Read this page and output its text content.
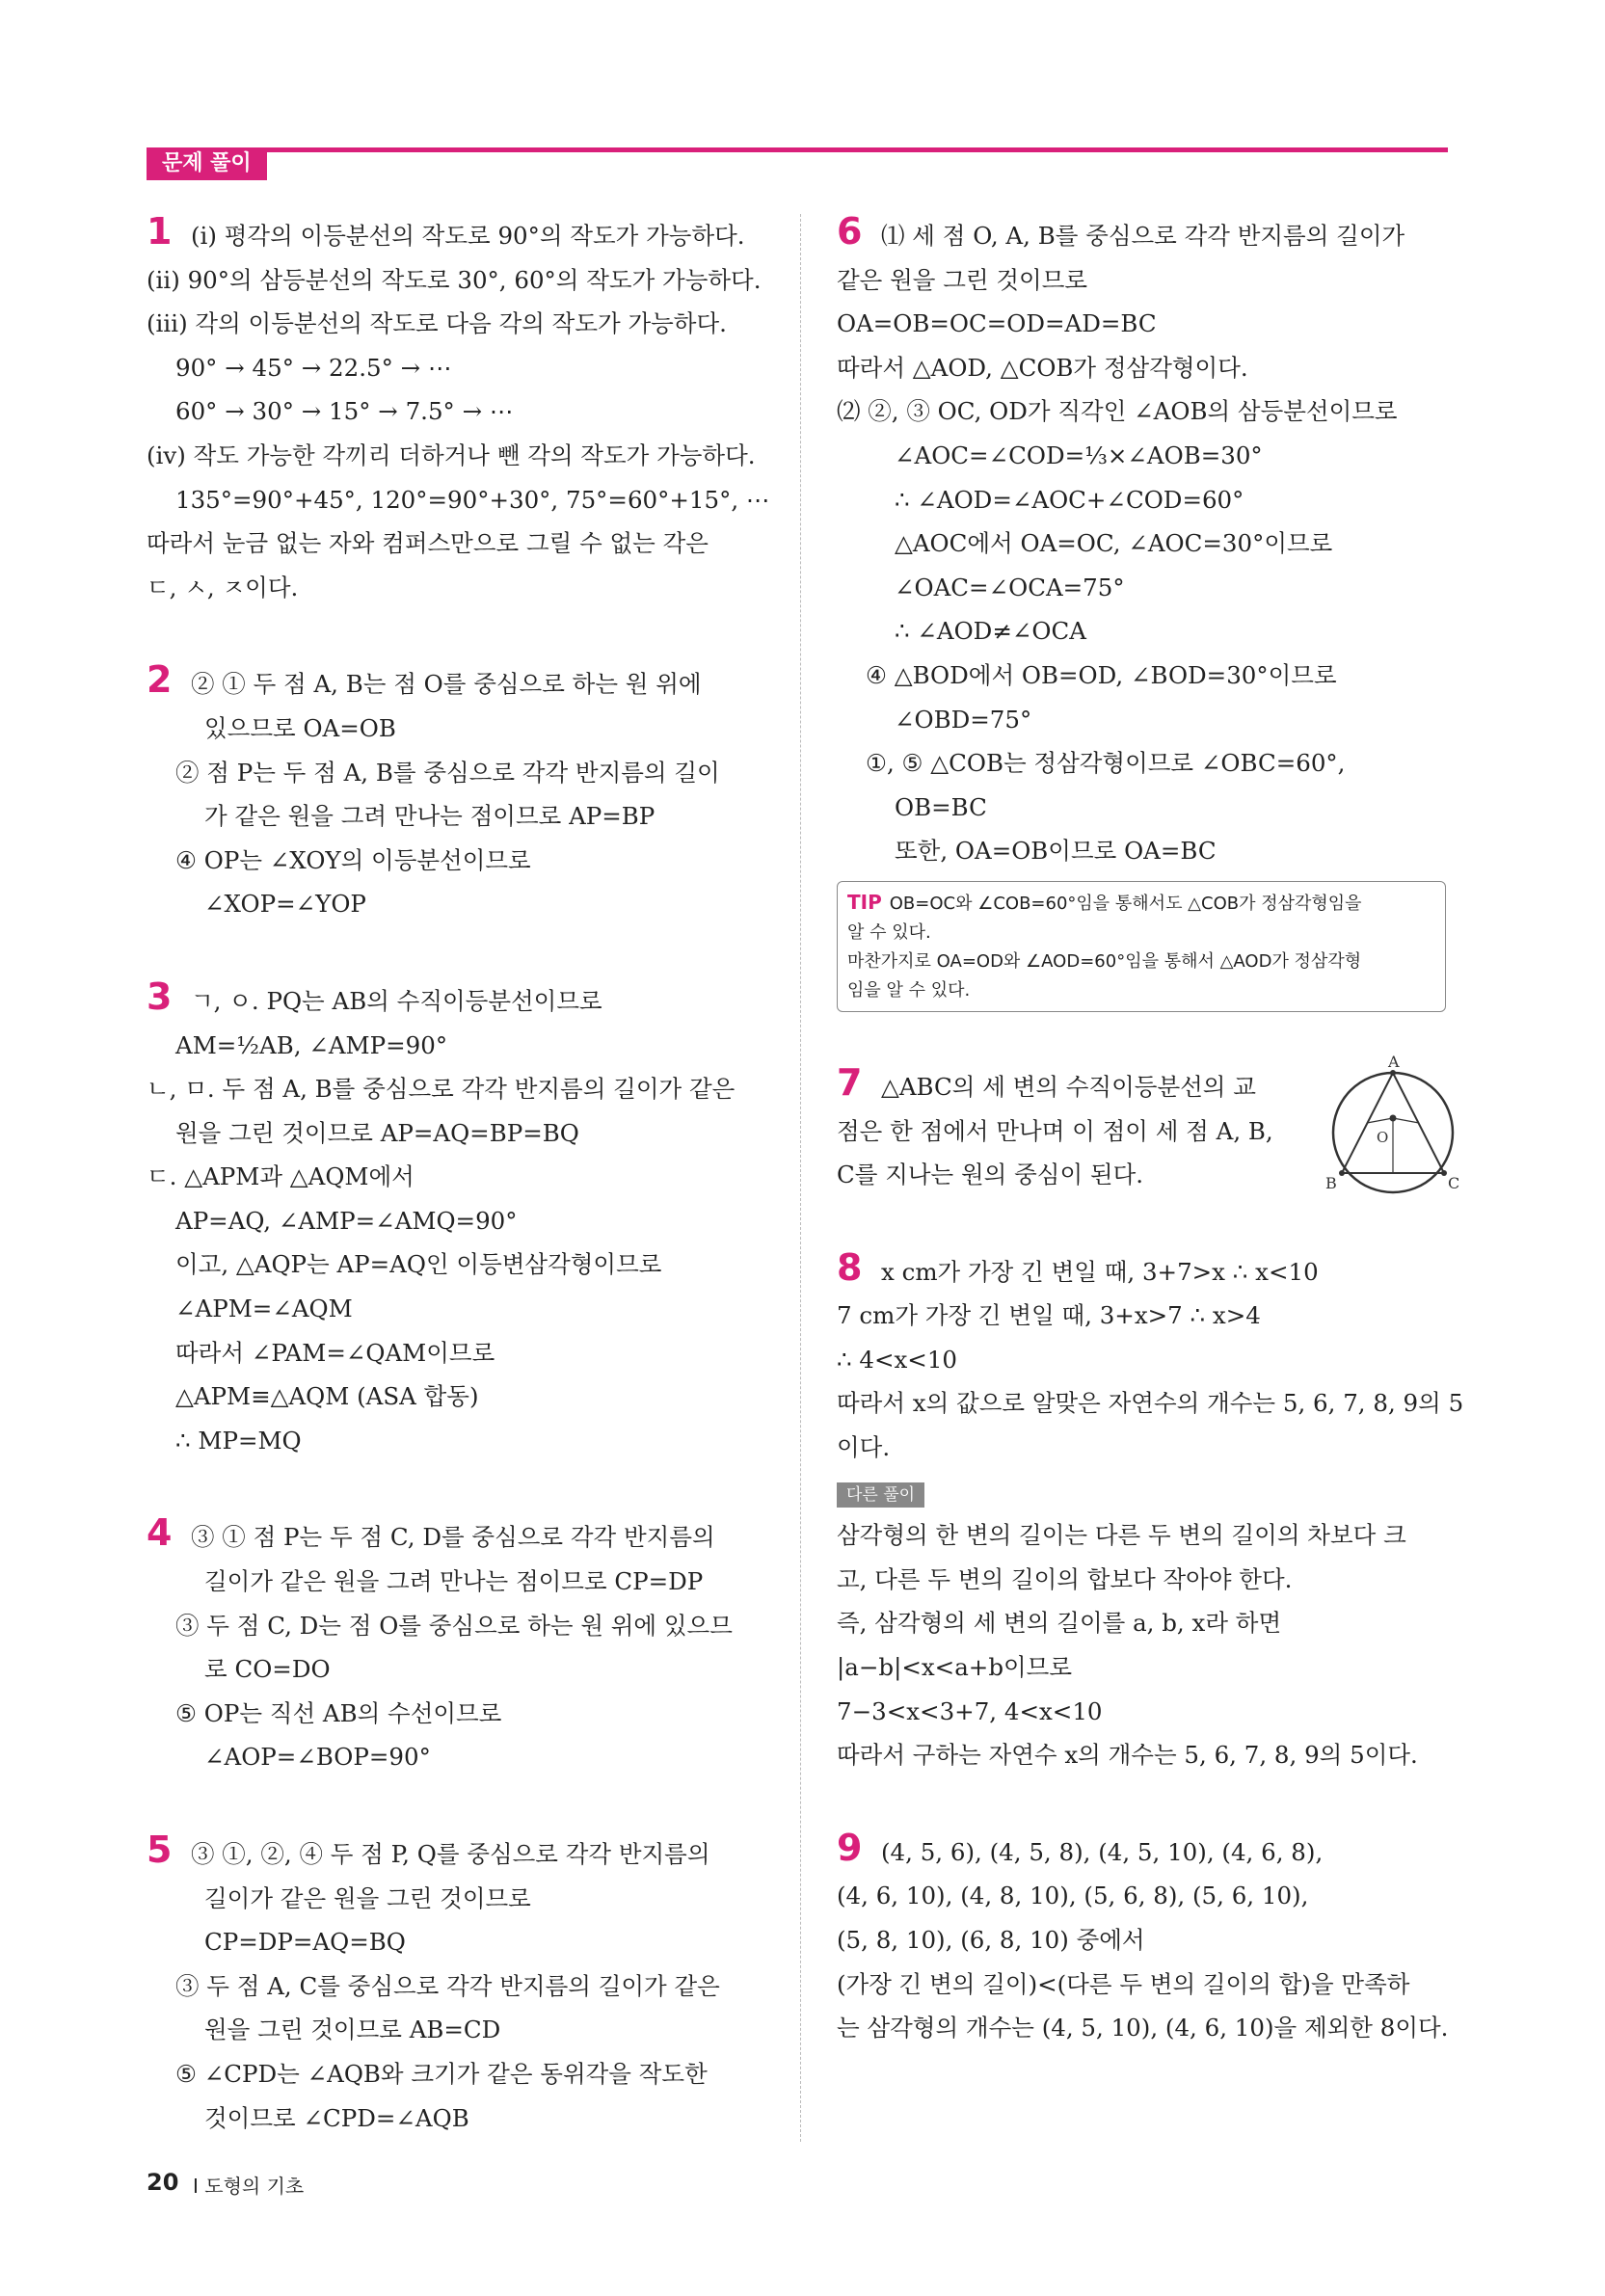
문제 풀이
1 (ⅰ) 평각의 이등분선의 작도로 90°의 작도가 가능하다.
(ⅱ) 90°의 삼등분선의 작도로 30°, 60°의 작도가 가능하다.
(ⅲ) 각의 이등분선의 작도로 다음 각의 작도가 가능하다.
90° → 45° → 22.5° → ⋯
60° → 30° → 15° → 7.5° → ⋯
(ⅳ) 작도 가능한 각끼리 더하거나 뺀 각의 작도가 가능하다.
135°=90°+45°, 120°=90°+30°, 75°=60°+15°, ⋯
따라서 눈금 없는 자와 컴퍼스만으로 그릴 수 없는 각은
ㄷ, ㅅ, ㅈ이다.
2 ② ① 두 점 A, B는 점 O를 중심으로 하는 원 위에
있으므로 OA=OB
② 점 P는 두 점 A, B를 중심으로 각각 반지름의 길이
가 같은 원을 그려 만나는 점이므로 AP=BP
④ OP는 ∠XOY의 이등분선이므로
∠XOP=∠YOP
3 ㄱ, ㅇ. PQ는 AB의 수직이등분선이므로
AM=½AB, ∠AMP=90°
ㄴ, ㅁ. 두 점 A, B를 중심으로 각각 반지름의 길이가 같은
원을 그린 것이므로 AP=AQ=BP=BQ
ㄷ. △APM과 △AQM에서
AP=AQ, ∠AMP=∠AMQ=90°
이고, △AQP는 AP=AQ인 이등변삼각형이므로
∠APM=∠AQM
따라서 ∠PAM=∠QAM이므로
△APM≡△AQM (ASA 합동)
∴ MP=MQ
4 ③ ① 점 P는 두 점 C, D를 중심으로 각각 반지름의
길이가 같은 원을 그려 만나는 점이므로 CP=DP
③ 두 점 C, D는 점 O를 중심으로 하는 원 위에 있으므
로 CO=DO
⑤ OP는 직선 AB의 수선이므로
∠AOP=∠BOP=90°
5 ③ ①, ②, ④ 두 점 P, Q를 중심으로 각각 반지름의
길이가 같은 원을 그린 것이므로
CP=DP=AQ=BQ
③ 두 점 A, C를 중심으로 각각 반지름의 길이가 같은
원을 그린 것이므로 AB=CD
⑤ ∠CPD는 ∠AQB와 크기가 같은 동위각을 작도한
것이므로 ∠CPD=∠AQB
6 ⑴ 세 점 O, A, B를 중심으로 각각 반지름의 길이가
같은 원을 그린 것이므로
OA=OB=OC=OD=AD=BC
따라서 △AOD, △COB가 정삼각형이다.
⑵ ②, ③ OC, OD가 직각인 ∠AOB의 삼등분선이므로
∠AOC=∠COD=⅓×∠AOB=30°
∴ ∠AOD=∠AOC+∠COD=60°
△AOC에서 OA=OC, ∠AOC=30°이므로
∠OAC=∠OCA=75°
∴ ∠AOD≠∠OCA
④ △BOD에서 OB=OD, ∠BOD=30°이므로
∠OBD=75°
①, ⑤ △COB는 정삼각형이므로 ∠OBC=60°,
OB=BC
또한, OA=OB이므로 OA=BC
TIP OB=OC와 ∠COB=60°임을 통해서도 △COB가 정삼각형임을
알 수 있다.
마찬가지로 OA=OD와 ∠AOD=60°임을 통해서 △AOD가 정삼각형
임을 알 수 있다.
7 △ABC의 세 변의 수직이등분선의 교
점은 한 점에서 만나며 이 점이 세 점 A, B,
C를 지나는 원의 중심이 된다.
A
B	C
O
8 x cm가 가장 긴 변일 때, 3+7>x ∴ x<10
7 cm가 가장 긴 변일 때, 3+x>7 ∴ x>4
∴ 4<x<10
따라서 x의 값으로 알맞은 자연수의 개수는 5, 6, 7, 8, 9의 5
이다.
다른 풀이
삼각형의 한 변의 길이는 다른 두 변의 길이의 차보다 크
고, 다른 두 변의 길이의 합보다 작아야 한다.
즉, 삼각형의 세 변의 길이를 a, b, x라 하면
|a−b|<x<a+b이므로
7−3<x<3+7, 4<x<10
따라서 구하는 자연수 x의 개수는 5, 6, 7, 8, 9의 5이다.
9 (4, 5, 6), (4, 5, 8), (4, 5, 10), (4, 6, 8),
(4, 6, 10), (4, 8, 10), (5, 6, 8), (5, 6, 10),
(5, 8, 10), (6, 8, 10) 중에서
(가장 긴 변의 길이)<(다른 두 변의 길이의 합)을 만족하
는 삼각형의 개수는 (4, 5, 10), (4, 6, 10)을 제외한 8이다.
20 Ⅰ 도형의 기초
